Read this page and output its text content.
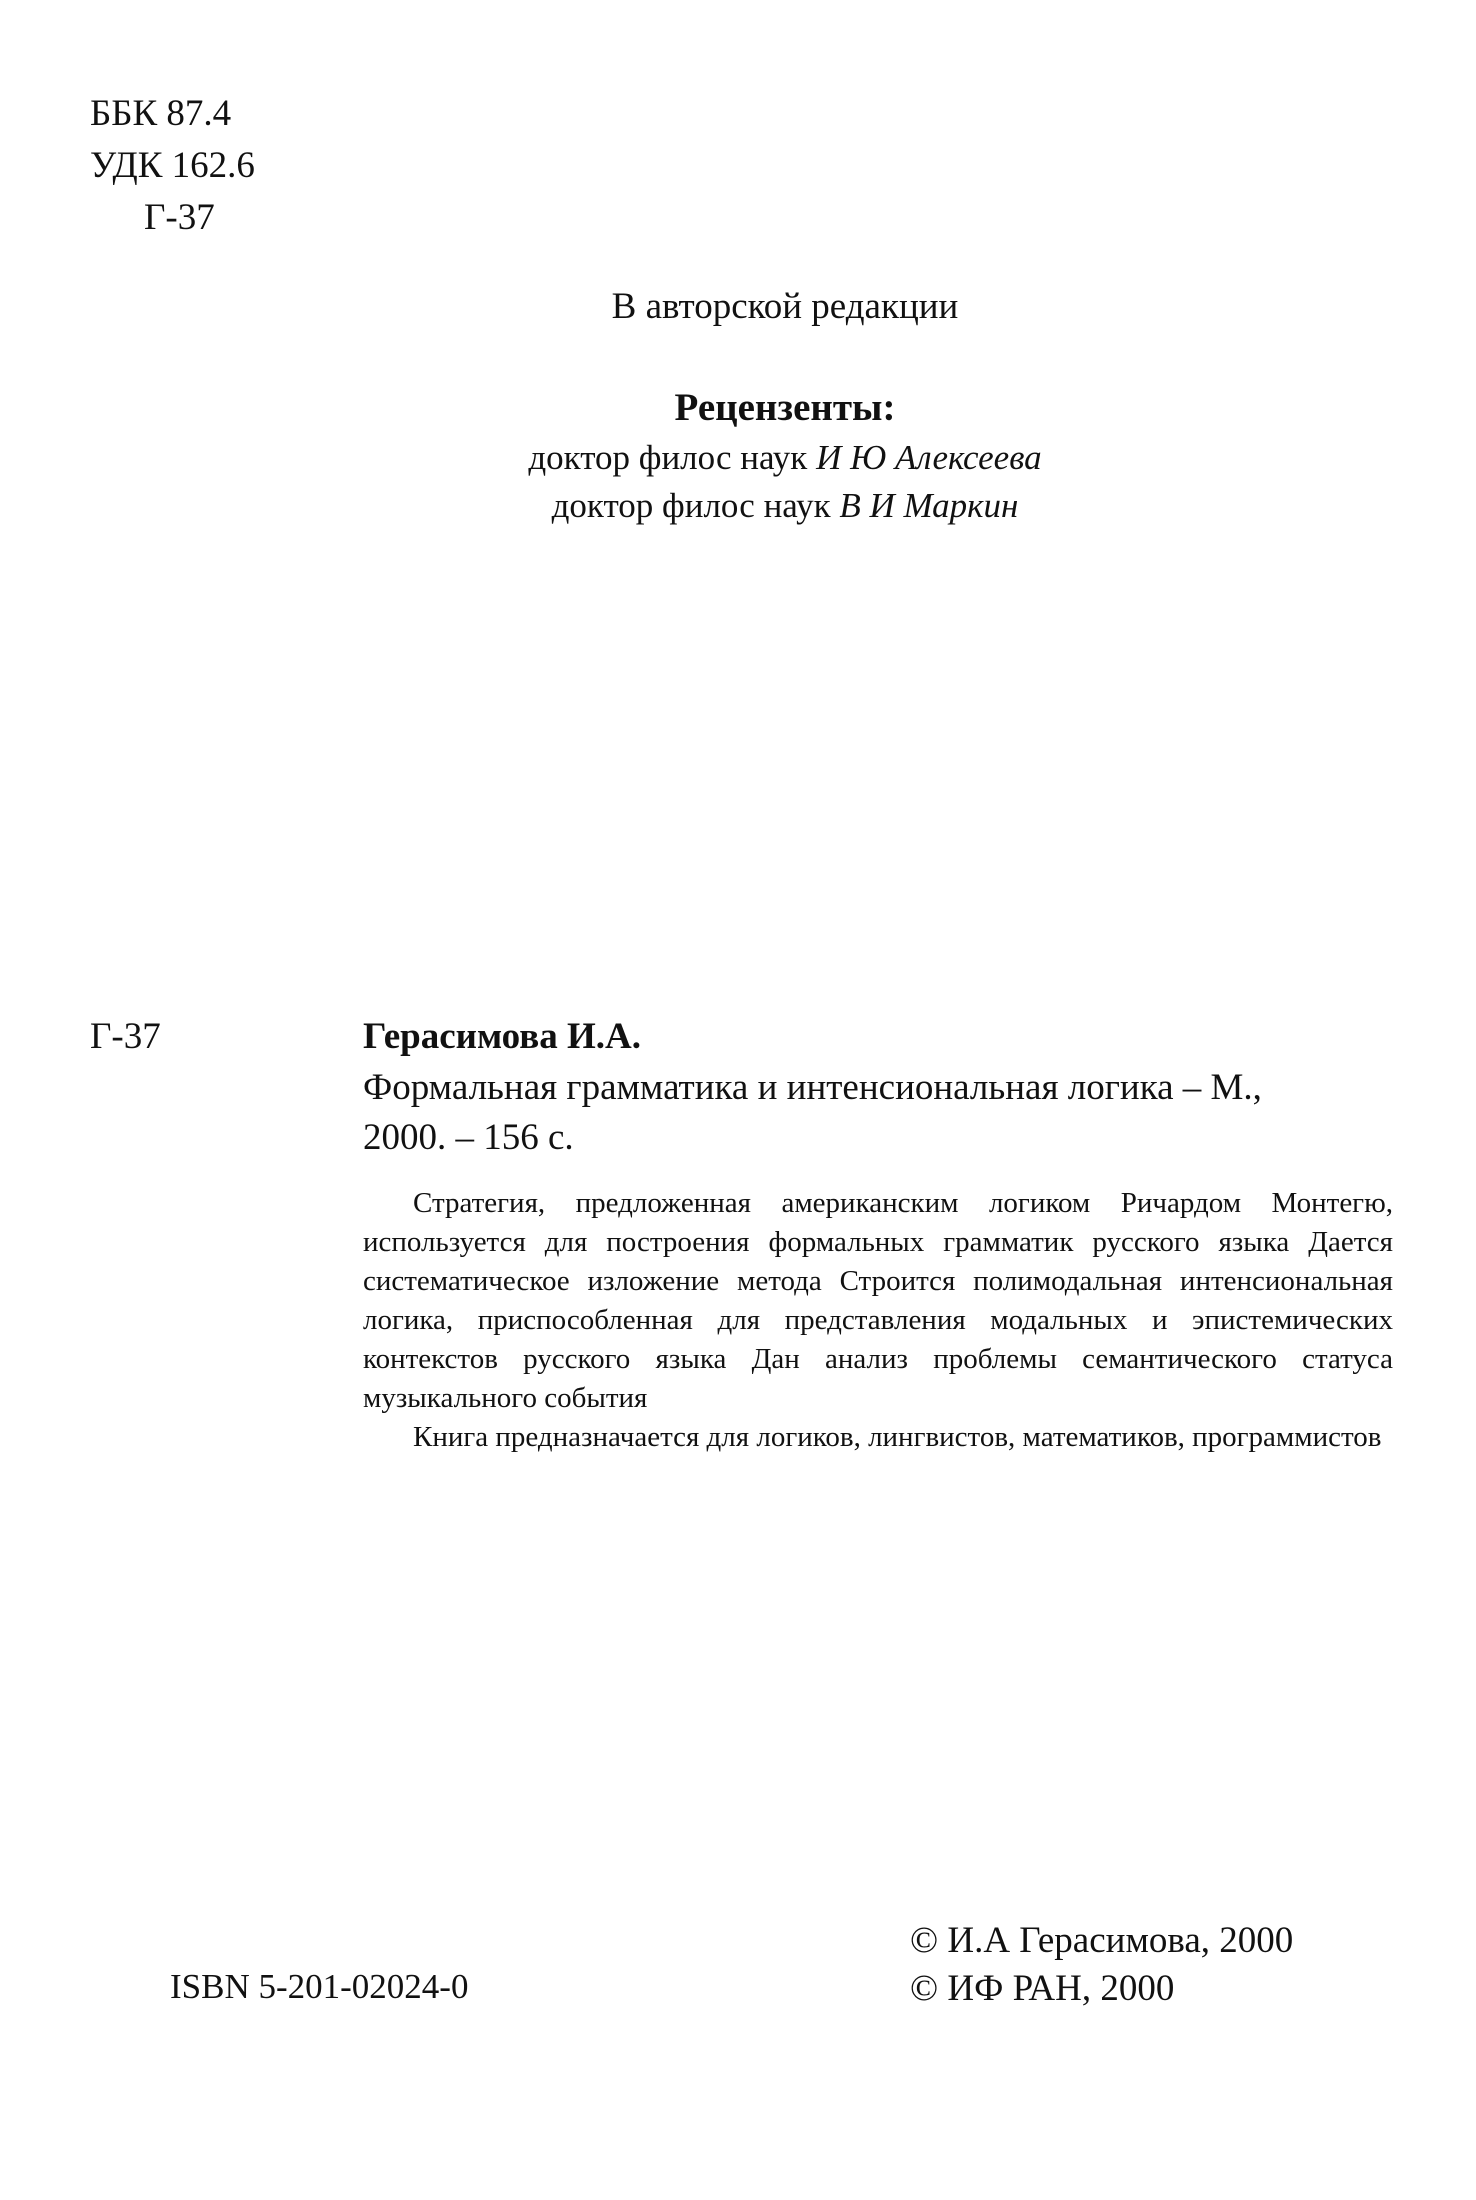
ББК 87.4
УДК 162.6
Г-37
В авторской редакции
Рецензенты:
доктор филос наук И Ю Алексеева
доктор филос наук В И Маркин
Г-37	Герасимова И.А.
Формальная грамматика и интенсиональная логика – М.,
2000. – 156 с.

Стратегия, предложенная американским логиком Ричардом Монтегю, используется для построения формальных грамматик русского языка Дается систематическое изложение метода Строится полимодальная интенсиональная логика, приспособленная для представления модальных и эпистемических контекстов русского языка Дан анализ проблемы семантического статуса музыкального события

Книга предназначается для логиков, лингвистов, математиков, программистов

ISBN 5-201-02024-0
© И.А Герасимова, 2000
© ИФ РАН, 2000
